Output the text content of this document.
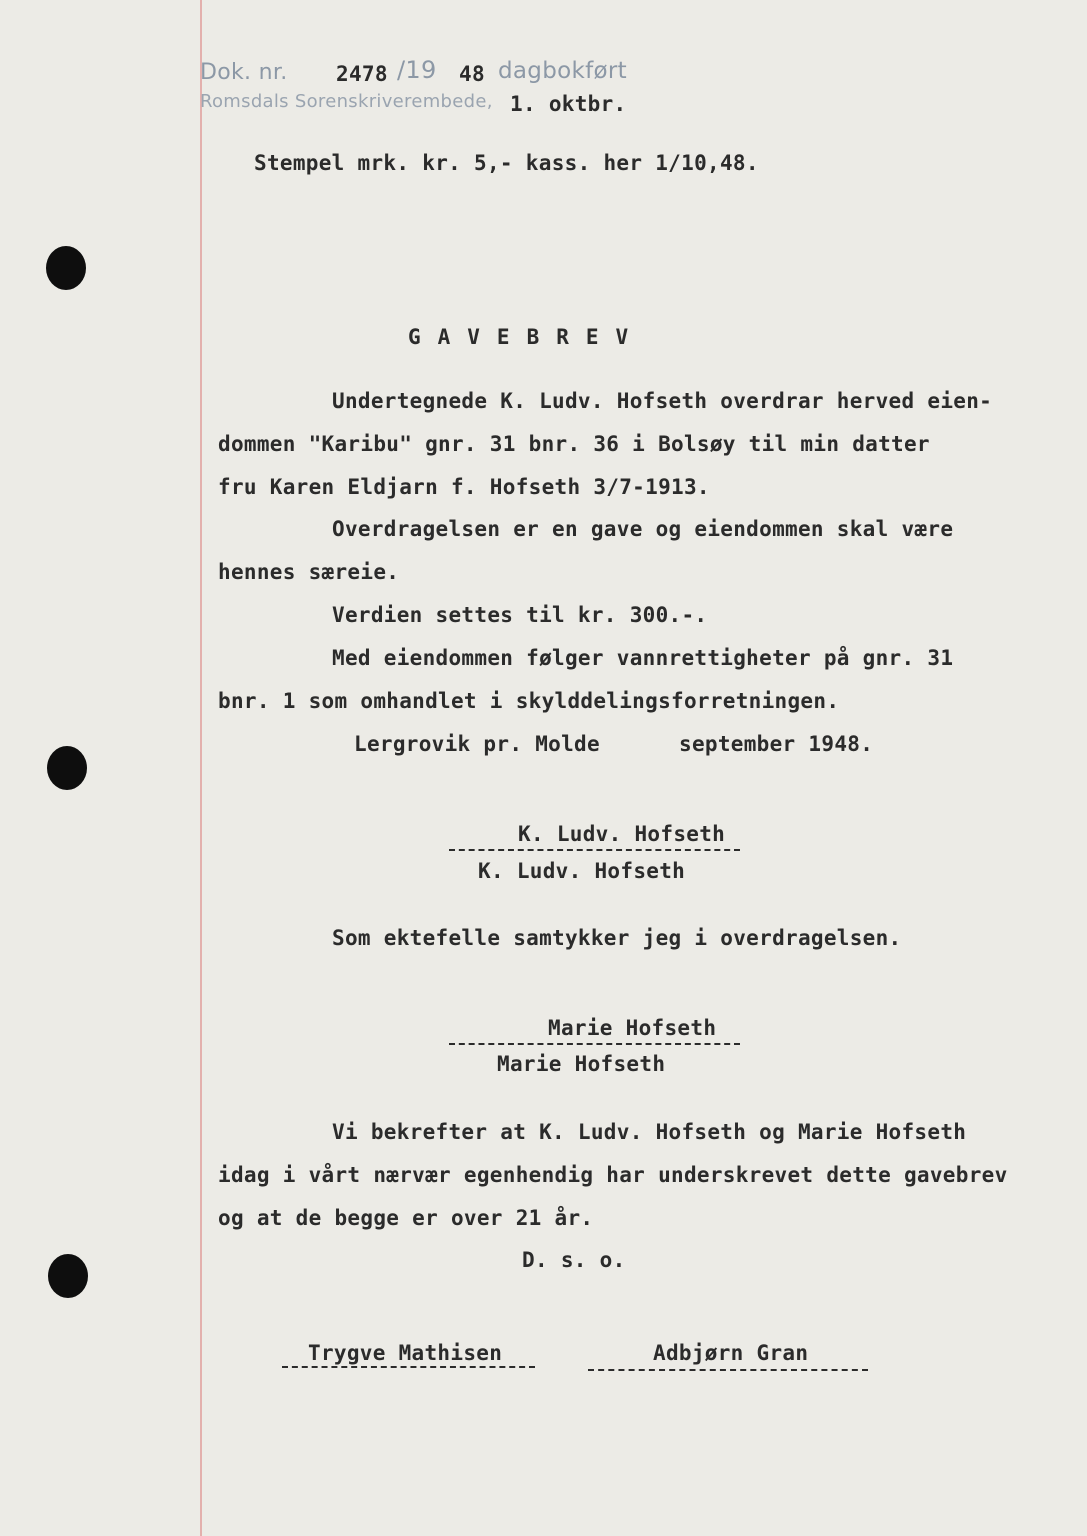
Dok. nr. 2478 /19 48 dagbokført
Romsdals Sorenskriverembede, 1. oktbr.
Stempel mrk. kr. 5,- kass. her 1/10,48.
GAVEBREV
Undertegnede K. Ludv. Hofseth overdrar herved eien-
dommen "Karibu" gnr. 31 bnr. 36 i Bolsøy til min datter
fru Karen Eldjarn f. Hofseth 3/7-1913.
Overdragelsen er en gave og eiendommen skal være
hennes særeie.
Verdien settes til kr. 300.-.
Med eiendommen følger vannrettigheter på gnr. 31
bnr. 1 som omhandlet i skylddelingsforretningen.
Lergrovik pr. Molde	september 1948.
K. Ludv. Hofseth
K. Ludv. Hofseth
Som ektefelle samtykker jeg i overdragelsen.
Marie Hofseth
Marie Hofseth
Vi bekrefter at K. Ludv. Hofseth og Marie Hofseth
idag i vårt nærvær egenhendig har underskrevet dette gavebrev
og at de begge er over 21 år.
D. s. o.
Trygve Mathisen	Adbjørn Gran
